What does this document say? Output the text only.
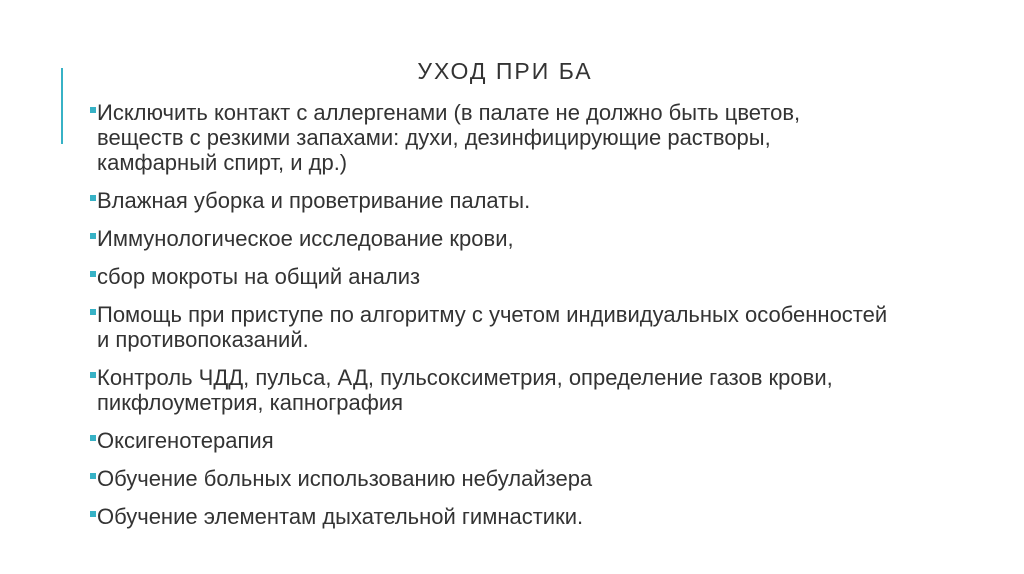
УХОД ПРИ БА
Исключить контакт с аллергенами (в палате не должно быть цветов, веществ с резкими запахами: духи, дезинфицирующие растворы, камфарный спирт, и др.)
Влажная уборка и проветривание палаты.
Иммунологическое исследование крови,
сбор мокроты на общий анализ
Помощь при приступе по алгоритму с учетом индивидуальных особенностей и противопоказаний.
Контроль ЧДД, пульса, АД, пульсоксиметрия, определение газов крови, пикфлоуметрия, капнография
Оксигенотерапия
Обучение больных использованию небулайзера
Обучение элементам дыхательной гимнастики.
